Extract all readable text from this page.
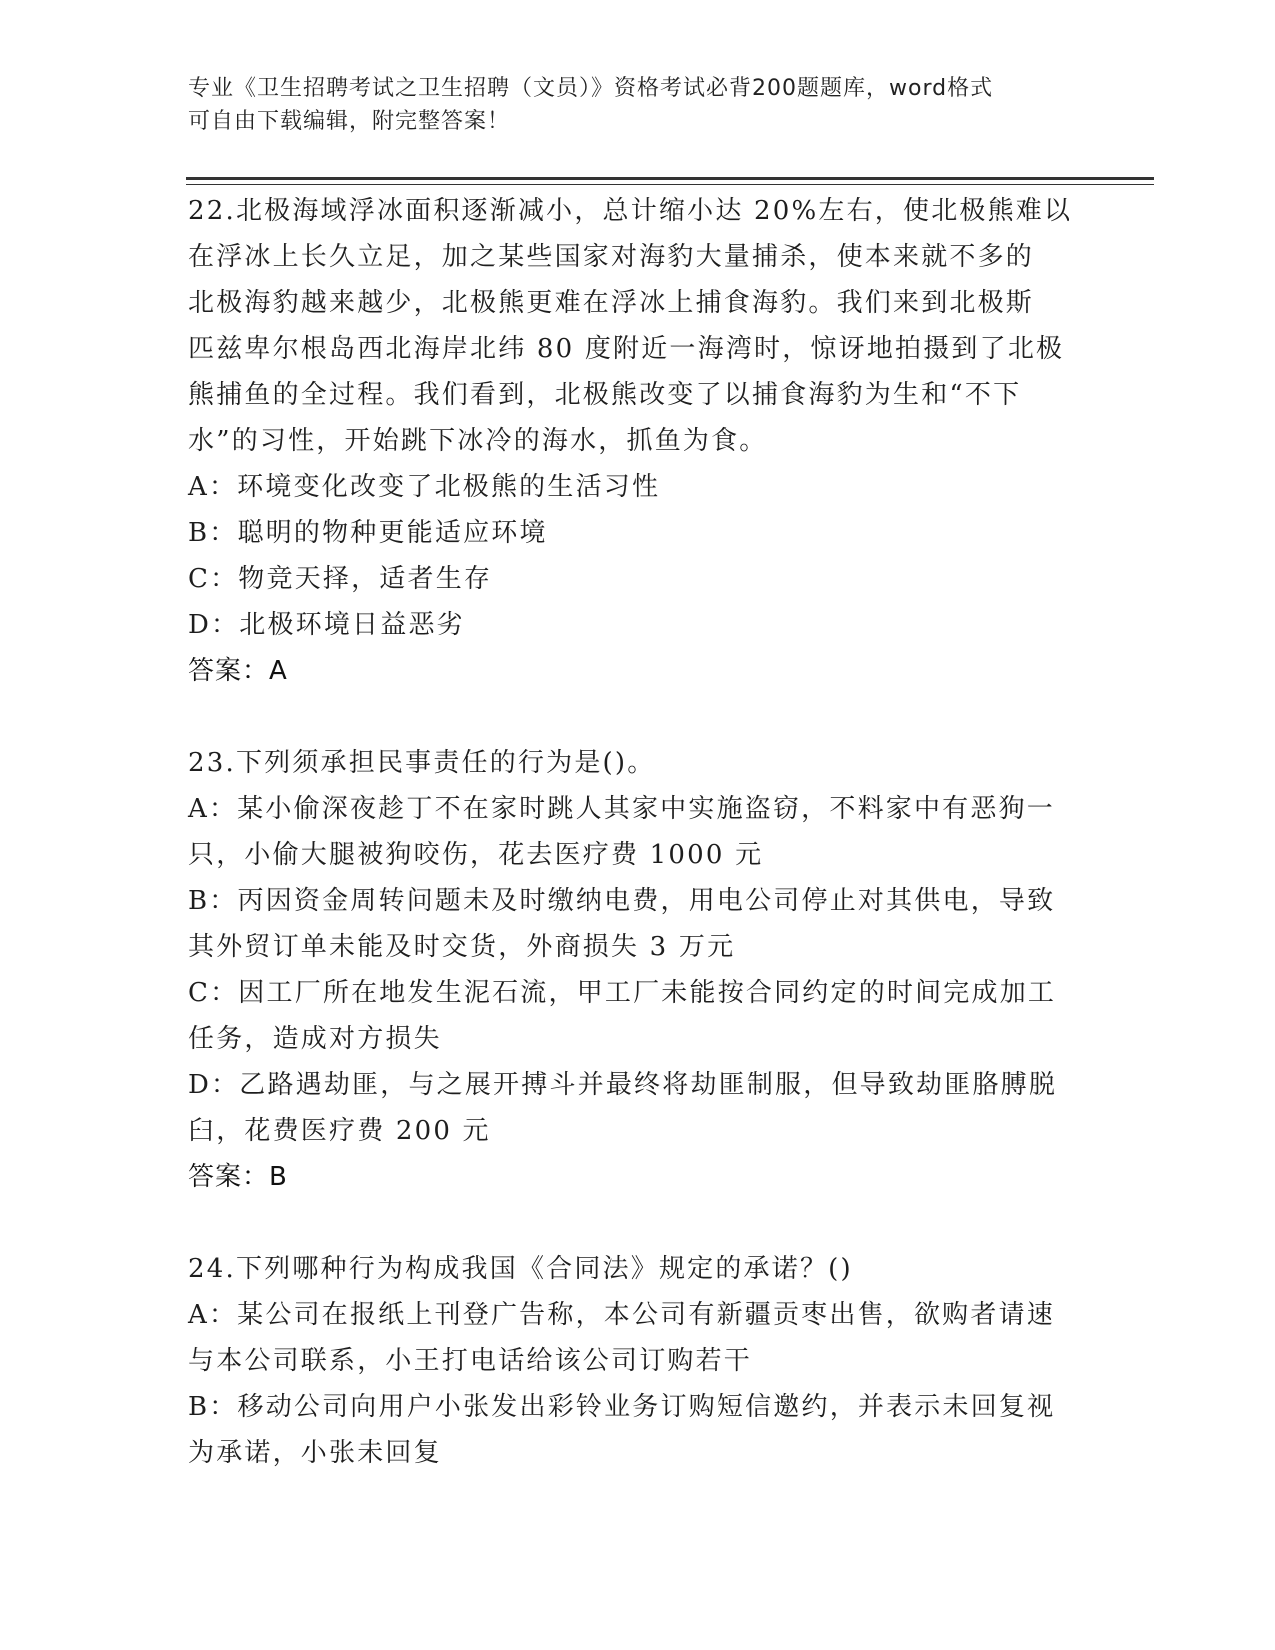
专业《卫生招聘考试之卫生招聘（文员）》资格考试必背200题题库，word格式
可自由下载编辑，附完整答案！
22.北极海域浮冰面积逐渐减小，总计缩小达 20%左右，使北极熊难以
在浮冰上长久立足，加之某些国家对海豹大量捕杀，使本来就不多的
北极海豹越来越少，北极熊更难在浮冰上捕食海豹。我们来到北极斯
匹兹卑尔根岛西北海岸北纬 80 度附近一海湾时，惊讶地拍摄到了北极
熊捕鱼的全过程。我们看到，北极熊改变了以捕食海豹为生和“不下
水”的习性，开始跳下冰冷的海水，抓鱼为食。
A：环境变化改变了北极熊的生活习性
B：聪明的物种更能适应环境
C：物竞天择，适者生存
D：北极环境日益恶劣
答案：A
23.下列须承担民事责任的行为是()。
A：某小偷深夜趁丁不在家时跳人其家中实施盗窃，不料家中有恶狗一
只，小偷大腿被狗咬伤，花去医疗费 1000 元
B：丙因资金周转问题未及时缴纳电费，用电公司停止对其供电，导致
其外贸订单未能及时交货，外商损失 3 万元
C：因工厂所在地发生泥石流，甲工厂未能按合同约定的时间完成加工
任务，造成对方损失
D：乙路遇劫匪，与之展开搏斗并最终将劫匪制服，但导致劫匪胳膊脱
臼，花费医疗费 200 元
答案：B
24.下列哪种行为构成我国《合同法》规定的承诺？()
A：某公司在报纸上刊登广告称，本公司有新疆贡枣出售，欲购者请速
与本公司联系，小王打电话给该公司订购若干
B：移动公司向用户小张发出彩铃业务订购短信邀约，并表示未回复视
为承诺，小张未回复
